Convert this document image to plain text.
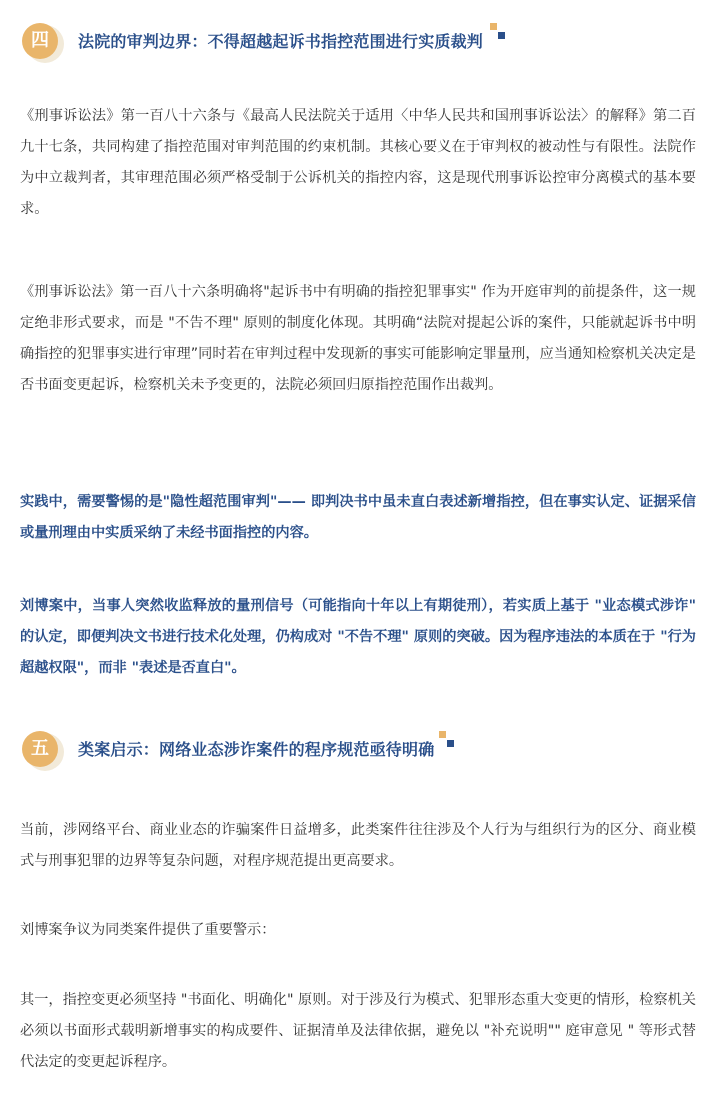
四	法院的审判边界：不得超越起诉书指控范围进行实质裁判

《刑事诉讼法》第一百八十六条与《最高人民法院关于适用〈中华人民共和国刑事诉讼法〉的解释》第二百九十七条，共同构建了指控范围对审判范围的约束机制。其核心要义在于审判权的被动性与有限性。法院作为中立裁判者，其审理范围必须严格受制于公诉机关的指控内容，这是现代刑事诉讼控审分离模式的基本要求。

《刑事诉讼法》第一百八十六条明确将"起诉书中有明确的指控犯罪事实" 作为开庭审判的前提条件，这一规定绝非形式要求，而是 "不告不理" 原则的制度化体现。其明确“法院对提起公诉的案件，只能就起诉书中明确指控的犯罪事实进行审理”同时若在审判过程中发现新的事实可能影响定罪量刑，应当通知检察机关决定是否书面变更起诉，检察机关未予变更的，法院必须回归原指控范围作出裁判。

实践中，需要警惕的是"隐性超范围审判"—— 即判决书中虽未直白表述新增指控，但在事实认定、证据采信或量刑理由中实质采纳了未经书面指控的内容。

刘博案中，当事人突然收监释放的量刑信号（可能指向十年以上有期徒刑），若实质上基于 "业态模式涉诈" 的认定，即便判决文书进行技术化处理，仍构成对 "不告不理" 原则的突破。因为程序违法的本质在于 "行为超越权限"，而非 "表述是否直白"。

五	类案启示：网络业态涉诈案件的程序规范亟待明确

当前，涉网络平台、商业业态的诈骗案件日益增多，此类案件往往涉及个人行为与组织行为的区分、商业模式与刑事犯罪的边界等复杂问题，对程序规范提出更高要求。

刘博案争议为同类案件提供了重要警示：

其一，指控变更必须坚持 "书面化、明确化" 原则。对于涉及行为模式、犯罪形态重大变更的情形，检察机关必须以书面形式载明新增事实的构成要件、证据清单及法律依据，避免以 "补充说明"" 庭审意见 " 等形式替代法定的变更起诉程序。
